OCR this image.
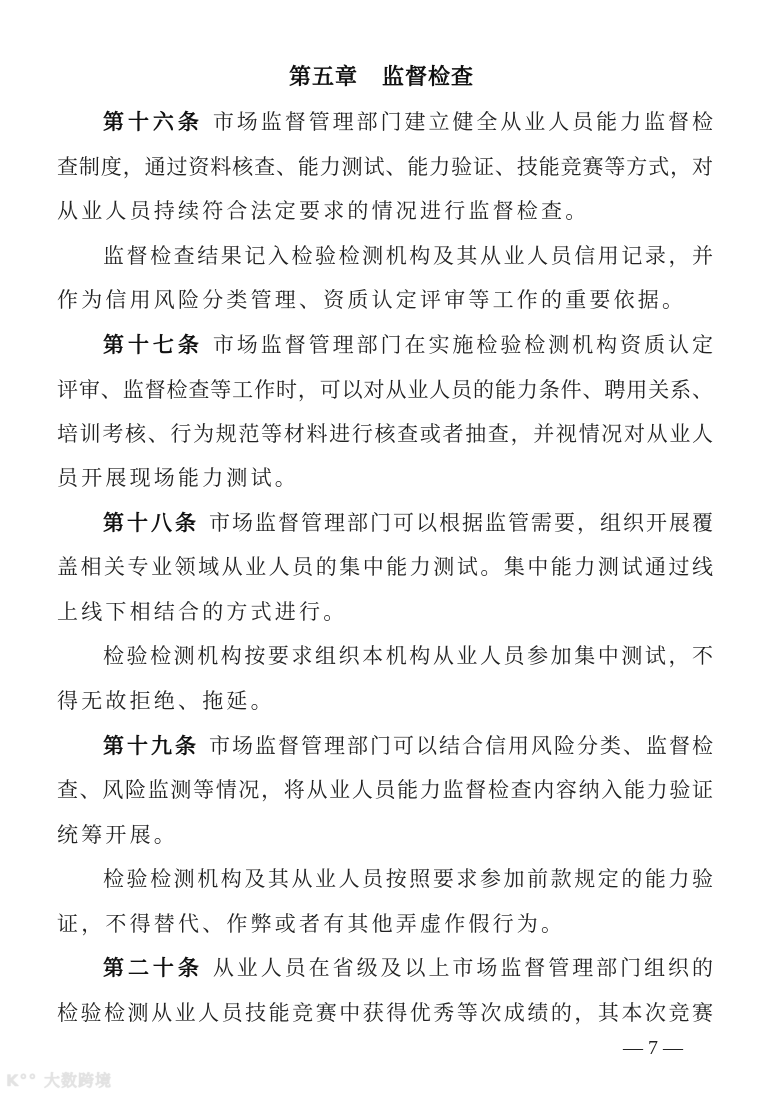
第五章 监督检查
第十六条 市场监督管理部门建立健全从业人员能力监督检
查制度，通过资料核查、能力测试、能力验证、技能竞赛等方式，对
从业人员持续符合法定要求的情况进行监督检查。
监督检查结果记入检验检测机构及其从业人员信用记录，并
作为信用风险分类管理、资质认定评审等工作的重要依据。
第十七条 市场监督管理部门在实施检验检测机构资质认定
评审、监督检查等工作时，可以对从业人员的能力条件、聘用关系、
培训考核、行为规范等材料进行核查或者抽查，并视情况对从业人
员开展现场能力测试。
第十八条 市场监督管理部门可以根据监管需要，组织开展覆
盖相关专业领域从业人员的集中能力测试。集中能力测试通过线
上线下相结合的方式进行。
检验检测机构按要求组织本机构从业人员参加集中测试，不
得无故拒绝、拖延。
第十九条 市场监督管理部门可以结合信用风险分类、监督检
查、风险监测等情况，将从业人员能力监督检查内容纳入能力验证
统筹开展。
检验检测机构及其从业人员按照要求参加前款规定的能力验
证，不得替代、作弊或者有其他弄虚作假行为。
第二十条 从业人员在省级及以上市场监督管理部门组织的
检验检测从业人员技能竞赛中获得优秀等次成绩的，其本次竞赛
— 7 —
K°° 大数跨境
